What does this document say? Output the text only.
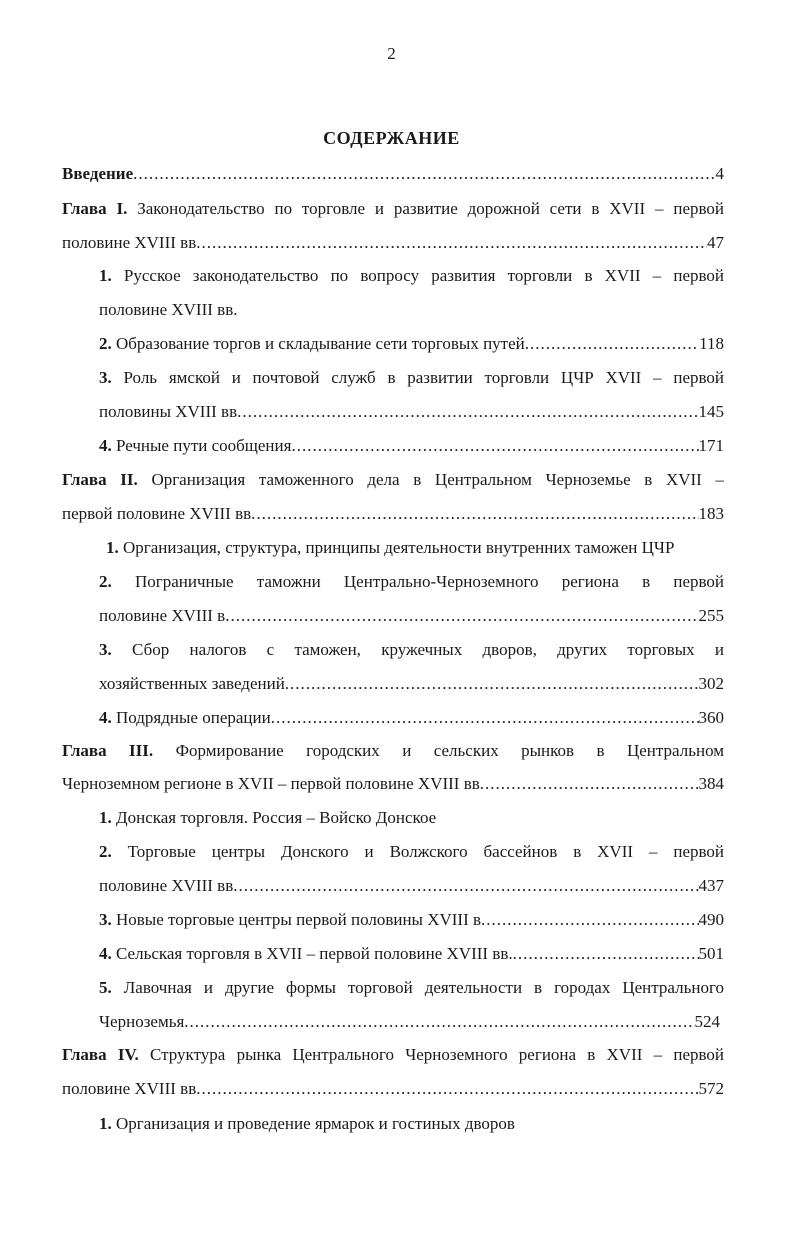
2
СОДЕРЖАНИЕ
Введение .....	4
Глава I. Законодательство по торговле и развитие дорожной сети в XVII – первой
половине XVIII вв .....	47
1. Русское законодательство по вопросу развития торговли в XVII – первой
половине XVIII вв.
2. Образование торгов и складывание сети торговых путей .....	118
3. Роль ямской и почтовой служб в развитии торговли ЦЧР XVII – первой
половины XVIII вв .....	145
4. Речные пути сообщения .....	171
Глава II. Организация таможенного дела в Центральном Черноземье в XVII –
первой половине XVIII вв .....	183
1. Организация, структура, принципы деятельности внутренних таможен ЦЧР
2. Пограничные таможни Центрально-Черноземного региона в первой
половине XVIII в .....	255
3. Сбор налогов с таможен, кружечных дворов, других торговых и
хозяйственных заведений .....	302
4. Подрядные операции .....	360
Глава III. Формирование городских и сельских рынков в Центральном
Черноземном регионе в XVII – первой половине XVIII вв .....	384
1. Донская торговля. Россия – Войско Донское
2. Торговые центры Донского и Волжского бассейнов в XVII – первой
половине XVIII вв .....	437
3. Новые торговые центры первой половины XVIII в .....	490
4. Сельская торговля в XVII – первой половине XVIII вв. .....	501
5. Лавочная и другие формы торговой деятельности в городах Центрального
Черноземья .....	524
Глава IV. Структура рынка Центрального Черноземного региона в XVII – первой
половине XVIII вв .....	572
1. Организация и проведение ярмарок и гостиных дворов
